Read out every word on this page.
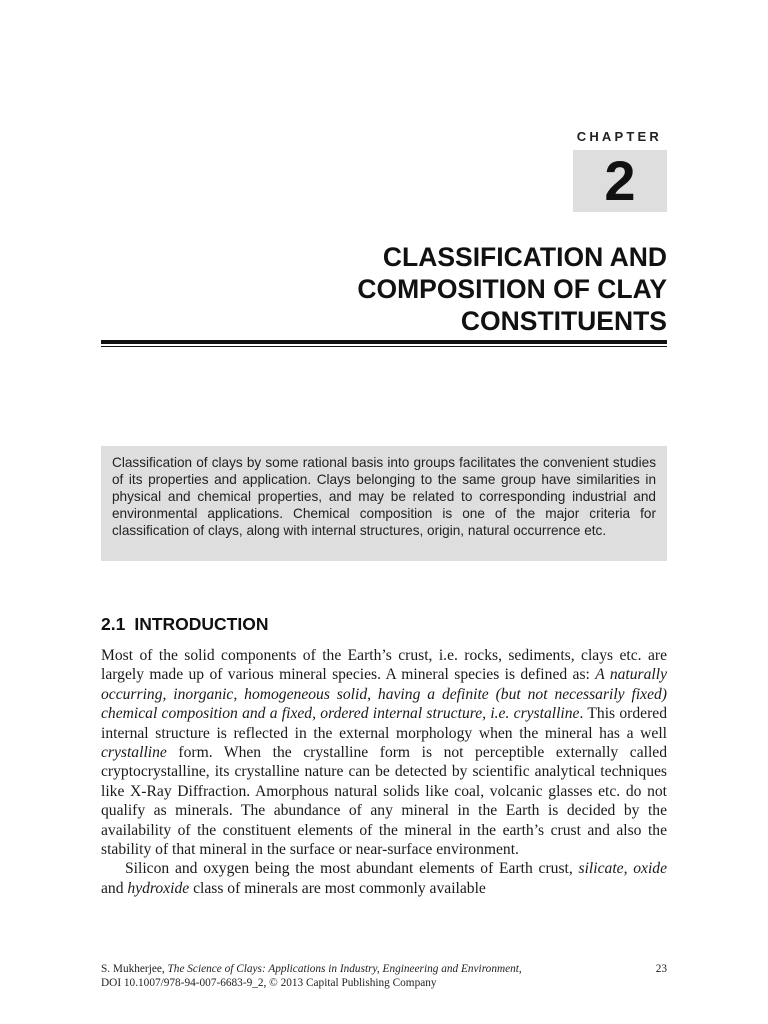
CHAPTER
2
CLASSIFICATION AND
COMPOSITION OF CLAY
CONSTITUENTS
Classification of clays by some rational basis into groups facilitates the convenient studies of its properties and application. Clays belonging to the same group have similarities in physical and chemical properties, and may be related to corresponding industrial and environmental applications. Chemical composition is one of the major criteria for classification of clays, along with internal structures, origin, natural occurrence etc.
2.1 INTRODUCTION

Most of the solid components of the Earth’s crust, i.e. rocks, sediments, clays etc. are largely made up of various mineral species. A mineral species is defined as: A naturally occurring, inorganic, homogeneous solid, having a definite (but not necessarily fixed) chemical composition and a fixed, ordered internal structure, i.e. crystalline. This ordered internal structure is reflected in the external morphology when the mineral has a well crystalline form. When the crystalline form is not perceptible externally called cryptocrystalline, its crystalline nature can be detected by scientific analytical techniques like X-Ray Diffraction. Amorphous natural solids like coal, volcanic glasses etc. do not qualify as minerals. The abundance of any mineral in the Earth is decided by the availability of the constituent elements of the mineral in the earth’s crust and also the stability of that mineral in the surface or near-surface environment.

Silicon and oxygen being the most abundant elements of Earth crust, silicate, oxide and hydroxide class of minerals are most commonly available

S. Mukherjee, The Science of Clays: Applications in Industry, Engineering and Environment,	23
DOI 10.1007/978-94-007-6683-9_2, © 2013 Capital Publishing Company
